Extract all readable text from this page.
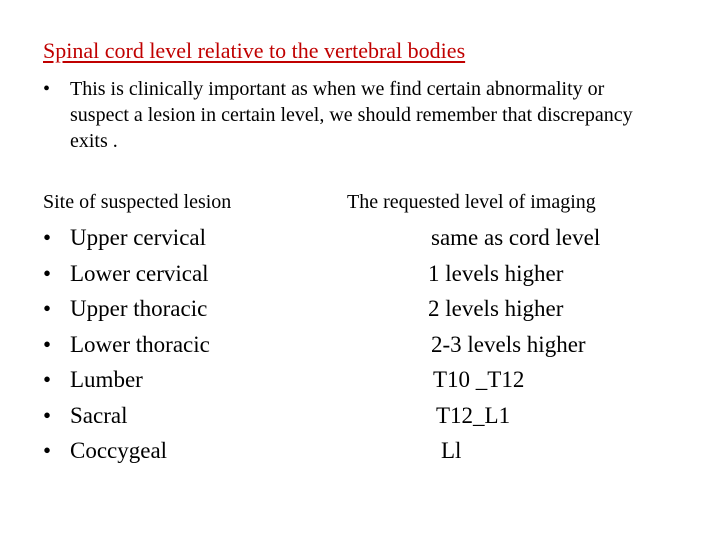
Spinal cord level relative to the vertebral bodies
• This is clinically important as when we find certain abnormality or suspect a lesion in certain level, we should remember that discrepancy exits .
Site of suspected lesion	The requested level of imaging
• Upper cervical
• Lower cervical
• Upper thoracic
• Lower thoracic
• Lumber
• Sacral
• Coccygeal
same as cord level
1 levels higher
2 levels higher
2-3 levels higher
T10 _T12
T12_L1
Ll
